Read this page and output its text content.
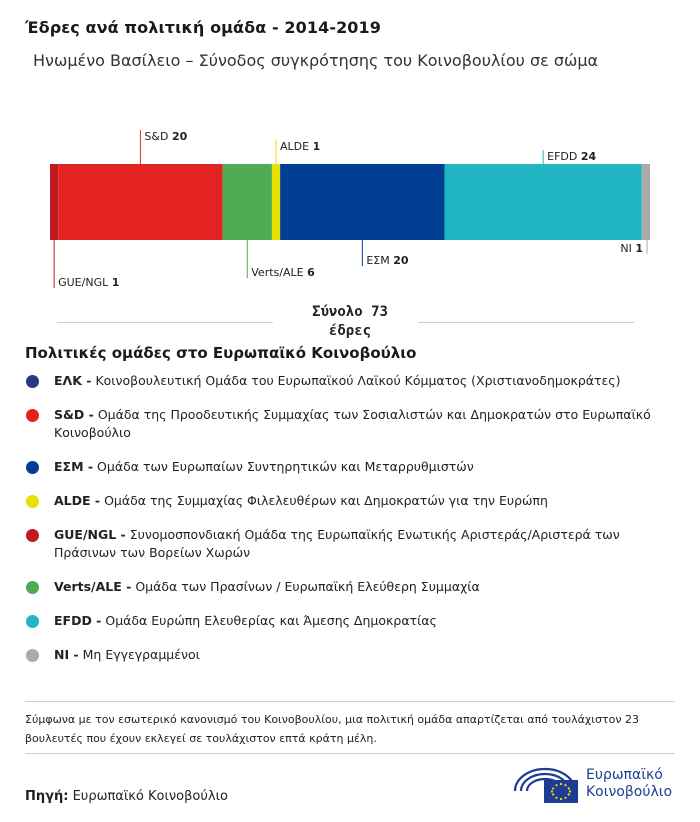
Έδρες ανά πολιτική ομάδα - 2014-2019
Ηνωμένο Βασίλειο – Σύνοδος συγκρότησης του Κοινοβουλίου σε σώμα
GUE/NGL 1
S&D 20
Verts/ALE 6
ALDE 1
ΕΣΜ 20
EFDD 24
NI 1
Σύνολο 73
έδρες
Πολιτικές ομάδες στο Ευρωπαϊκό Κοινοβούλιο
ΕΛΚ - Κοινοβουλευτική Ομάδα του Ευρωπαϊκού Λαϊκού Κόμματος (Χριστιανοδημοκράτες)
S&D - Ομάδα της Προοδευτικής Συμμαχίας των Σοσιαλιστών και Δημοκρατών στο Ευρωπαϊκό Κοινοβούλιο
ΕΣΜ - Ομάδα των Ευρωπαίων Συντηρητικών και Μεταρρυθμιστών
ALDE - Ομάδα της Συμμαχίας Φιλελευθέρων και Δημοκρατών για την Ευρώπη
GUE/NGL - Συνομοσπονδιακή Ομάδα της Ευρωπαϊκής Ενωτικής Αριστεράς/Αριστερά των Πράσινων των Βορείων Χωρών
Verts/ALE - Ομάδα των Πρασίνων / Ευρωπαϊκή Ελεύθερη Συμμαχία
EFDD - Ομάδα Ευρώπη Ελευθερίας και Άμεσης Δημοκρατίας
NI - Μη Εγγεγραμμένοι
Σύμφωνα με τον εσωτερικό κανονισμό του Κοινοβουλίου, μια πολιτική ομάδα απαρτίζεται από τουλάχιστον 23 βουλευτές που έχουν εκλεγεί σε τουλάχιστον επτά κράτη μέλη.
Πηγή: Ευρωπαϊκό Κοινοβούλιο
Ευρωπαϊκό
Κοινοβούλιο
